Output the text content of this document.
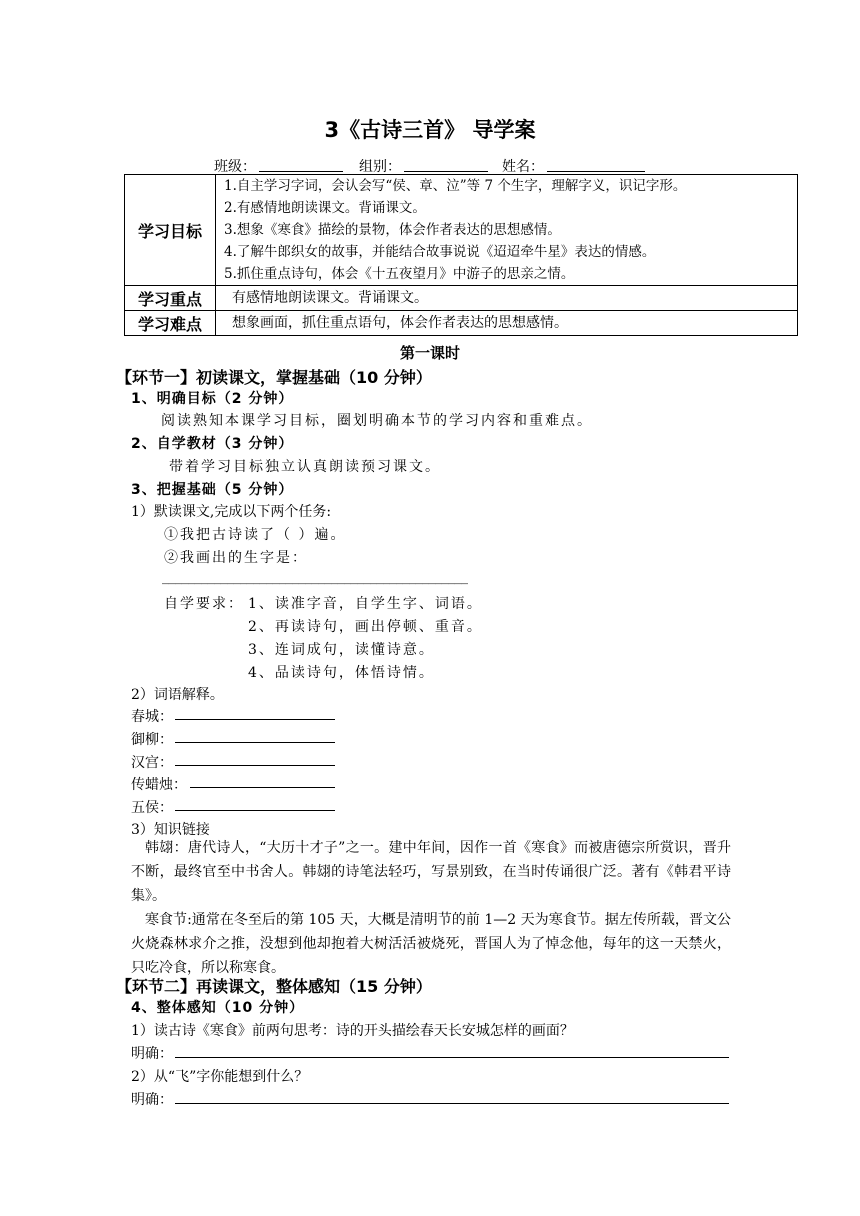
3《古诗三首》 导学案
班级：	组别：	姓名：
学习目标	1.自主学习字词，会认会写“侯、章、泣”等 7 个生字，理解字义，识记字形。
2.有感情地朗读课文。背诵课文。
3.想象《寒食》描绘的景物，体会作者表达的思想感情。
4.了解牛郎织女的故事，并能结合故事说说《迢迢牵牛星》表达的情感。
5.抓住重点诗句，体会《十五夜望月》中游子的思亲之情。

学习重点	有感情地朗读课文。背诵课文。

学习难点	想象画面，抓住重点语句，体会作者表达的思想感情。
第一课时
【环节一】初读课文，掌握基础（10 分钟）
1、明确目标（2 分钟）
阅读熟知本课学习目标，圈划明确本节的学习内容和重难点。
2、自学教材（3 分钟）
带着学习目标独立认真朗读预习课文。
3、把握基础（5 分钟）
1）默读课文,完成以下两个任务:
①我把古诗读了（ ）遍。
②我画出的生字是：
_______________________________________________
自学要求： 1、读准字音，自学生字、词语。
2、再读诗句，画出停顿、重音。
3、连词成句，读懂诗意。
4、品读诗句，体悟诗情。
2）词语解释。
春城：
御柳：
汉宫：
传蜡烛：
五侯：
3）知识链接
韩翃：唐代诗人，“大历十才子”之一。建中年间，因作一首《寒食》而被唐德宗所赏识，晋升不断，最终官至中书舍人。韩翃的诗笔法轻巧，写景别致，在当时传诵很广泛。著有《韩君平诗集》。
寒食节:通常在冬至后的第 105 天，大概是清明节的前 1—2 天为寒食节。据左传所载，晋文公火烧森林求介之推，没想到他却抱着大树活活被烧死，晋国人为了悼念他，每年的这一天禁火，只吃冷食，所以称寒食。
【环节二】再读课文，整体感知（15 分钟）
4、整体感知（10 分钟）
1）读古诗《寒食》前两句思考：诗的开头描绘春天长安城怎样的画面？
明确：
2）从“飞”字你能想到什么？
明确：
